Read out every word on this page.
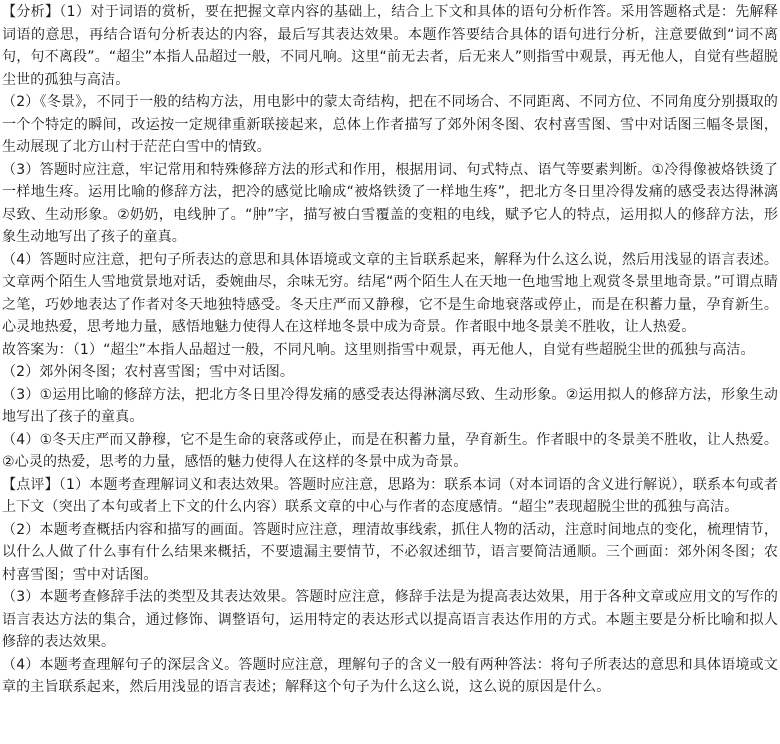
【分析】（1）对于词语的赏析，要在把握文章内容的基础上，结合上下文和具体的语句分析作答。采用答题格式是：先解释词语的意思，再结合语句分析表达的内容，最后写其表达效果。本题作答要结合具体的语句进行分析，注意要做到“词不离句，句不离段”。“超尘”本指人品超过一般，不同凡响。这里“前无去者，后无来人”则指雪中观景，再无他人，自觉有些超脱尘世的孤独与高洁。

（2）《冬景》，不同于一般的结构方法，用电影中的蒙太奇结构，把在不同场合、不同距离、不同方位、不同角度分别摄取的一个个特定的瞬间，改运按一定规律重新联接起来，总体上作者描写了郊外闲冬图、农村喜雪图、雪中对话图三幅冬景图，生动展现了北方山村于茫茫白雪中的情致。

（3）答题时应注意，牢记常用和特殊修辞方法的形式和作用，根据用词、句式特点、语气等要素判断。①冷得像被烙铁烫了一样地生疼。运用比喻的修辞方法，把冷的感觉比喻成“被烙铁烫了一样地生疼”，把北方冬日里冷得发痛的感受表达得淋漓尽致、生动形象。②奶奶，电线肿了。“肿”字，描写被白雪覆盖的变粗的电线，赋予它人的特点，运用拟人的修辞方法，形象生动地写出了孩子的童真。

（4）答题时应注意，把句子所表达的意思和具体语境或文章的主旨联系起来，解释为什么这么说，然后用浅显的语言表述。文章两个陌生人雪地赏景地对话，委婉曲尽，余味无穷。结尾“两个陌生人在天地一色地雪地上观赏冬景里地奇景。”可谓点睛之笔，巧妙地表达了作者对冬天地独特感受。冬天庄严而又静穆，它不是生命地衰落或停止，而是在积蓄力量，孕育新生。心灵地热爱，思考地力量，感悟地魅力使得人在这样地冬景中成为奇景。作者眼中地冬景美不胜收，让人热爱。

故答案为：（1）“超尘”本指人品超过一般，不同凡响。这里则指雪中观景，再无他人，自觉有些超脱尘世的孤独与高洁。

（2）郊外闲冬图；农村喜雪图；雪中对话图。

（3）①运用比喻的修辞方法，把北方冬日里冷得发痛的感受表达得淋漓尽致、生动形象。②运用拟人的修辞方法，形象生动地写出了孩子的童真。

（4）①冬天庄严而又静穆，它不是生命的衰落或停止，而是在积蓄力量，孕育新生。作者眼中的冬景美不胜收，让人热爱。②心灵的热爱，思考的力量，感悟的魅力使得人在这样的冬景中成为奇景。

【点评】（1）本题考查理解词义和表达效果。答题时应注意，思路为：联系本词（对本词语的含义进行解说），联系本句或者上下文（突出了本句或者上下文的什么内容）联系文章的中心与作者的态度感情。“超尘”表现超脱尘世的孤独与高洁。

（2）本题考查概括内容和描写的画面。答题时应注意，理清故事线索，抓住人物的活动，注意时间地点的变化，梳理情节，以什么人做了什么事有什么结果来概括，不要遗漏主要情节，不必叙述细节，语言要简洁通顺。三个画面：郊外闲冬图；农村喜雪图；雪中对话图。

（3）本题考查修辞手法的类型及其表达效果。答题时应注意，修辞手法是为提高表达效果，用于各种文章或应用文的写作的语言表达方法的集合，通过修饰、调整语句，运用特定的表达形式以提高语言表达作用的方式。本题主要是分析比喻和拟人修辞的表达效果。

（4）本题考查理解句子的深层含义。答题时应注意，理解句子的含义一般有两种答法：将句子所表达的意思和具体语境或文章的主旨联系起来，然后用浅显的语言表述；解释这个句子为什么这么说，这么说的原因是什么。
